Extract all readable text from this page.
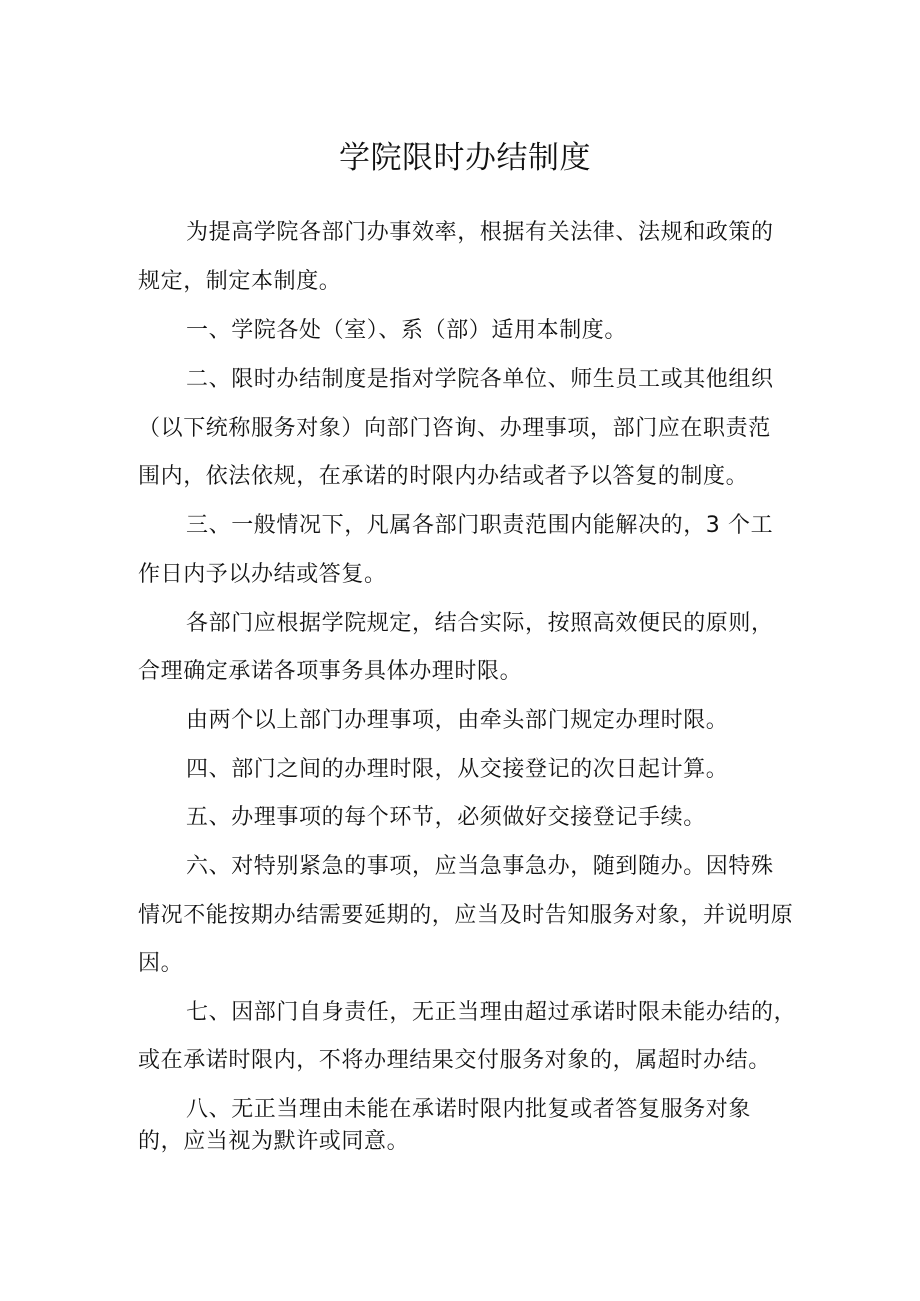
学院限时办结制度

为提高学院各部门办事效率，根据有关法律、法规和政策的

规定，制定本制度。

一、学院各处（室）、系（部）适用本制度。

二、限时办结制度是指对学院各单位、师生员工或其他组织

（以下统称服务对象）向部门咨询、办理事项，部门应在职责范

围内，依法依规，在承诺的时限内办结或者予以答复的制度。

三、一般情况下，凡属各部门职责范围内能解决的，3 个工

作日内予以办结或答复。

各部门应根据学院规定，结合实际，按照高效便民的原则，

合理确定承诺各项事务具体办理时限。

由两个以上部门办理事项，由牵头部门规定办理时限。

四、部门之间的办理时限，从交接登记的次日起计算。

五、办理事项的每个环节，必须做好交接登记手续。

六、对特别紧急的事项，应当急事急办，随到随办。因特殊

情况不能按期办结需要延期的，应当及时告知服务对象，并说明原

因。

七、因部门自身责任，无正当理由超过承诺时限未能办结的，

或在承诺时限内，不将办理结果交付服务对象的，属超时办结。

八、无正当理由未能在承诺时限内批复或者答复服务对象

的，应当视为默许或同意。
